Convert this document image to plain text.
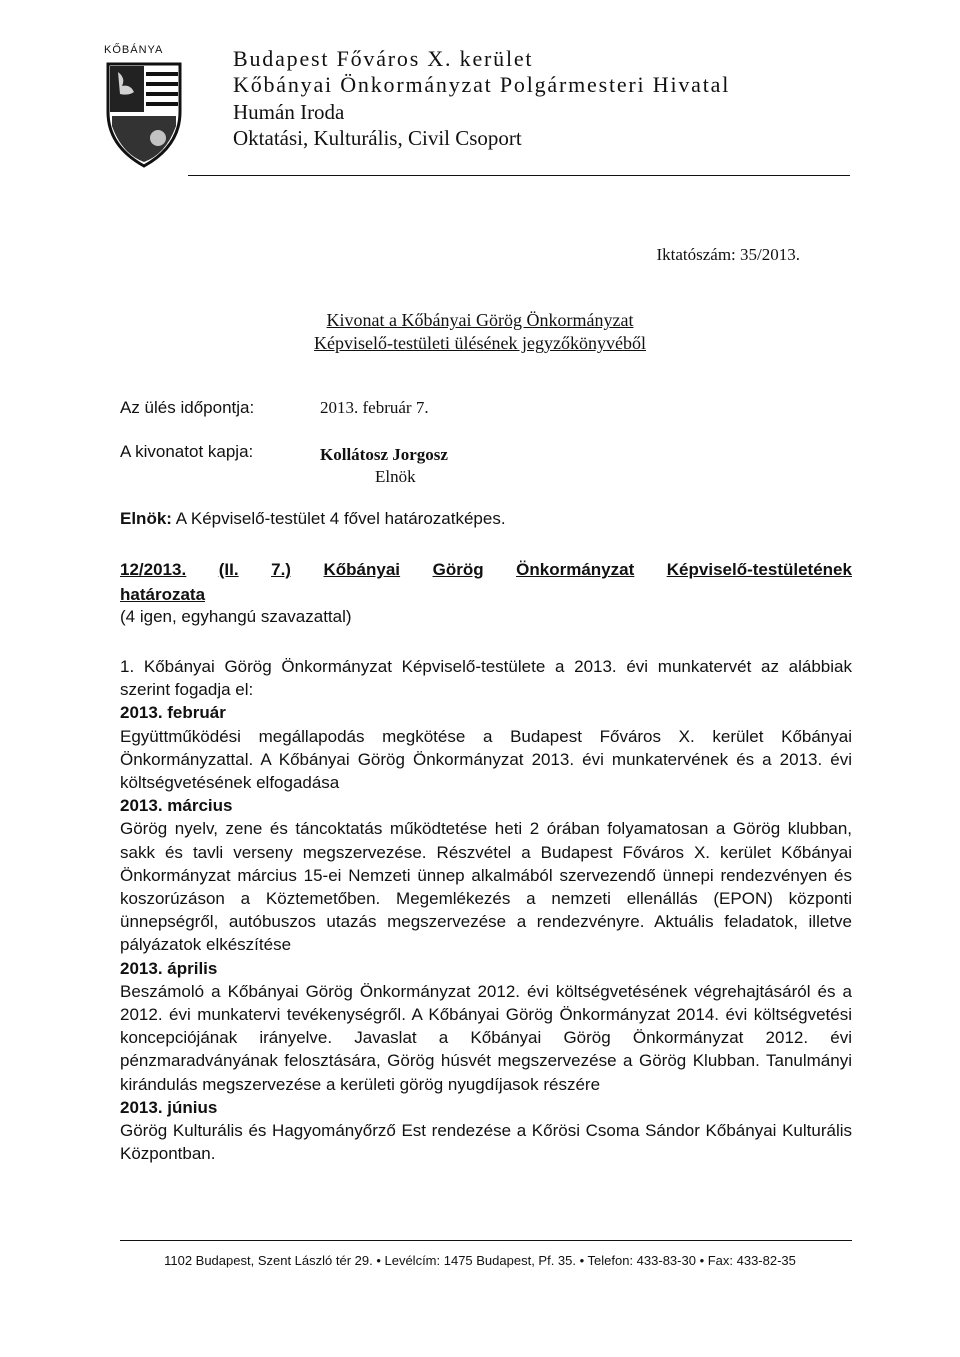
KŐBÁNYA	Budapest Főváros X. kerület
Kőbányai Önkormányzat Polgármesteri Hivatal
Humán Iroda
Oktatási, Kulturális, Civil Csoport
Iktatószám: 35/2013.
Kivonat a Kőbányai Görög Önkormányzat
Képviselő-testületi ülésének jegyzőkönyvéből
Az ülés időpontja:	2013. február 7.
A kivonatot kapja:	Kollátosz Jorgosz
Elnök
Elnök: A Képviselő-testület 4 fővel határozatképes.
12/2013. (II. 7.) Kőbányai Görög Önkormányzat Képviselő-testületének
határozata
(4 igen, egyhangú szavazattal)

1. Kőbányai Görög Önkormányzat Képviselő-testülete a 2013. évi munkatervét az alábbiak szerint fogadja el:

2013. február

Együttműködési megállapodás megkötése a Budapest Főváros X. kerület Kőbányai Önkormányzattal. A Kőbányai Görög Önkormányzat 2013. évi munkatervének és a 2013. évi költségvetésének elfogadása

2013. március

Görög nyelv, zene és táncoktatás működtetése heti 2 órában folyamatosan a Görög klubban, sakk és tavli verseny megszervezése. Részvétel a Budapest Főváros X. kerület Kőbányai Önkormányzat március 15-ei Nemzeti ünnep alkalmából szervezendő ünnepi rendezvényen és koszorúzáson a Köztemetőben. Megemlékezés a nemzeti ellenállás (EPON) központi ünnepségről, autóbuszos utazás megszervezése a rendezvényre. Aktuális feladatok, illetve pályázatok elkészítése

2013. április

Beszámoló a Kőbányai Görög Önkormányzat 2012. évi költségvetésének végrehajtásáról és a 2012. évi munkatervi tevékenységről. A Kőbányai Görög Önkormányzat 2014. évi költségvetési koncepciójának irányelve. Javaslat a Kőbányai Görög Önkormányzat 2012. évi pénzmaradványának felosztására, Görög húsvét megszervezése a Görög Klubban. Tanulmányi kirándulás megszervezése a kerületi görög nyugdíjasok részére

2013. június

Görög Kulturális és Hagyományőrző Est rendezése a Kőrösi Csoma Sándor Kőbányai Kulturális Központban.

1102 Budapest, Szent László tér 29. • Levélcím: 1475 Budapest, Pf. 35. • Telefon: 433-83-30 • Fax: 433-82-35
